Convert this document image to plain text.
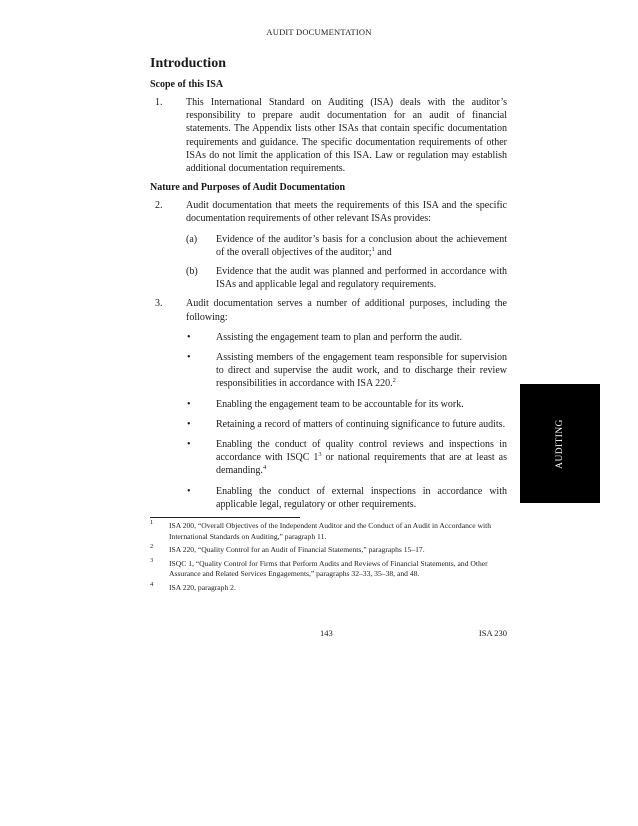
AUDIT DOCUMENTATION
Introduction
Scope of this ISA
1. This International Standard on Auditing (ISA) deals with the auditor’s responsibility to prepare audit documentation for an audit of financial statements. The Appendix lists other ISAs that contain specific documentation requirements and guidance. The specific documentation requirements of other ISAs do not limit the application of this ISA. Law or regulation may establish additional documentation requirements.
Nature and Purposes of Audit Documentation
2. Audit documentation that meets the requirements of this ISA and the specific documentation requirements of other relevant ISAs provides:
(a) Evidence of the auditor’s basis for a conclusion about the achievement of the overall objectives of the auditor;$^1$ and
(b) Evidence that the audit was planned and performed in accordance with ISAs and applicable legal and regulatory requirements.
3. Audit documentation serves a number of additional purposes, including the following:
•	Assisting the engagement team to plan and perform the audit.
•	Assisting members of the engagement team responsible for supervision to direct and supervise the audit work, and to discharge their review responsibilities in accordance with ISA 220.$^2$
•	Enabling the engagement team to be accountable for its work.
•	Retaining a record of matters of continuing significance to future audits.
•	Enabling the conduct of quality control reviews and inspections in accordance with ISQC $1^3$ or national requirements that are at least as demanding.$^4$
•	Enabling the conduct of external inspections in accordance with applicable legal, regulatory or other requirements.
1 ISA 200, “Overall Objectives of the Independent Auditor and the Conduct of an Audit in Accordance with International Standards on Auditing,” paragraph 11.
2 ISA 220, “Quality Control for an Audit of Financial Statements,” paragraphs 15–17.
3 ISQC 1, “Quality Control for Firms that Perform Audits and Reviews of Financial Statements, and Other Assurance and Related Services Engagements,” paragraphs 32–33, 35–38, and 48.
4 ISA 220, paragraph 2.
143	ISA 230
AUDITING
